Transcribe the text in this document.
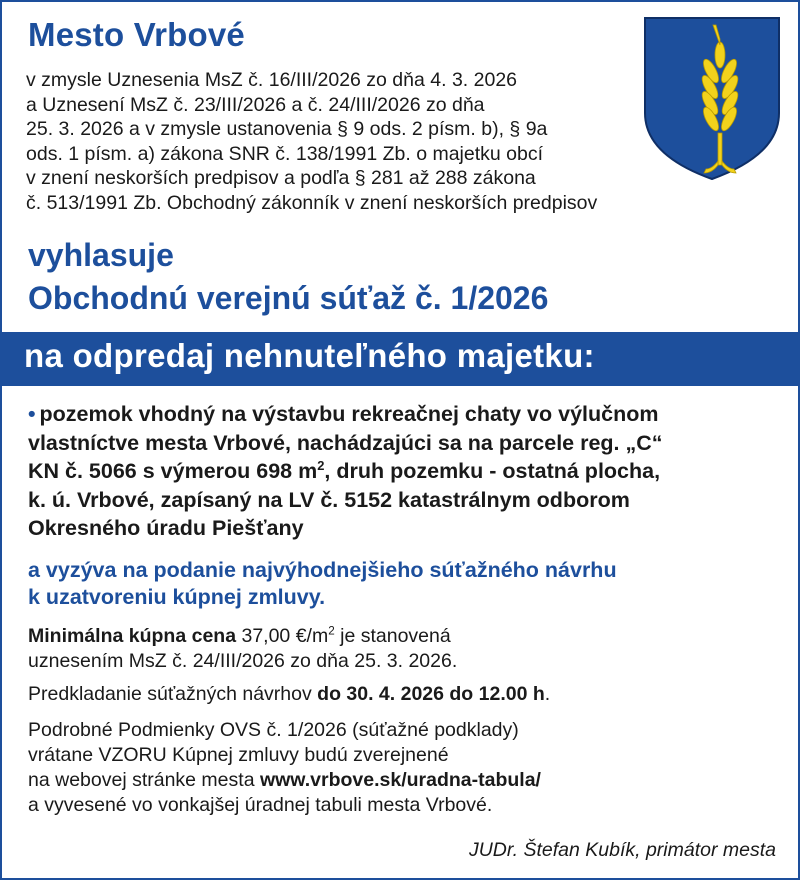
Mesto Vrbové
v zmysle Uznesenia MsZ č. 16/III/2026 zo dňa 4. 3. 2026
a Uznesení MsZ č. 23/III/2026 a č. 24/III/2026 zo dňa
25. 3. 2026 a v zmysle ustanovenia § 9 ods. 2 písm. b), § 9a
ods. 1 písm. a) zákona SNR č. 138/1991 Zb. o majetku obcí
v znení neskorších predpisov a podľa § 281 až 288 zákona
č. 513/1991 Zb. Obchodný zákonník v znení neskorších predpisov
vyhlasuje
Obchodnú verejnú súťaž č. 1/2026
na odpredaj nehnuteľného majetku:
• pozemok vhodný na výstavbu rekreačnej chaty vo výlučnom
vlastníctve mesta Vrbové, nachádzajúci sa na parcele reg. „C“
KN č. 5066 s výmerou 698 $m^2$, druh pozemku - ostatná plocha,
k. ú. Vrbové, zapísaný na LV č. 5152 katastrálnym odborom
Okresného úradu Piešťany
a vyzýva na podanie najvýhodnejšieho súťažného návrhu
k uzatvoreniu kúpnej zmluvy.
Minimálna kúpna cena 37,00 $€/m^2$ je stanovená
uznesením MsZ č. 24/III/2026 zo dňa 25. 3. 2026.
Predkladanie súťažných návrhov do 30. 4. 2026 do 12.00 h.
Podrobné Podmienky OVS č. 1/2026 (súťažné podklady)
vrátane VZORU Kúpnej zmluvy budú zverejnené
na webovej stránke mesta www.vrbove.sk/uradna-tabula/
a vyvesené vo vonkajšej úradnej tabuli mesta Vrbové.
JUDr. Štefan Kubík, primátor mesta
